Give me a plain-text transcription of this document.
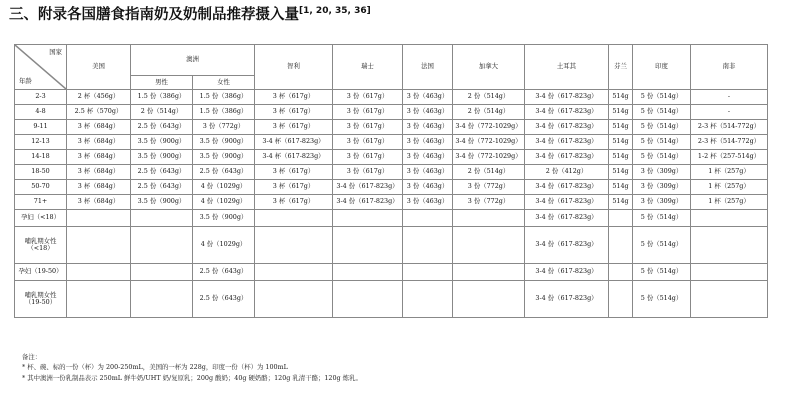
三、附录各国膳食指南奶及奶制品推荐摄入量[1, 20, 35, 36]
国家
年龄	美国	澳洲		智利	瑞士	法国	加拿大	土耳其	芬兰	印度	南非
		男性	女性								
2-3	2 杯（456g）	1.5 份（386g）	1.5 份（386g）	3 杯（617g）	3 份（617g）	3 份（463g）	2 份（514g）	3-4 份（617-823g）	514g	5 份（514g）	-
4-8	2.5 杯（570g）	2 份（514g）	1.5 份（386g）	3 杯（617g）	3 份（617g）	3 份（463g）	2 份（514g）	3-4 份（617-823g）	514g	5 份（514g）	-
9-11	3 杯（684g）	2.5 份（643g）	3 份（772g）	3 杯（617g）	3 份（617g）	3 份（463g）	3-4 份（772-1029g）	3-4 份（617-823g）	514g	5 份（514g）	2-3 杯（514-772g）
12-13	3 杯（684g）	3.5 份（900g）	3.5 份（900g）	3-4 杯（617-823g）	3 份（617g）	3 份（463g）	3-4 份（772-1029g）	3-4 份（617-823g）	514g	5 份（514g）	2-3 杯（514-772g）
14-18	3 杯（684g）	3.5 份（900g）	3.5 份（900g）	3-4 杯（617-823g）	3 份（617g）	3 份（463g）	3-4 份（772-1029g）	3-4 份（617-823g）	514g	5 份（514g）	1-2 杯（257-514g）
18-50	3 杯（684g）	2.5 份（643g）	2.5 份（643g）	3 杯（617g）	3 份（617g）	3 份（463g）	2 份（514g）	2 份（412g）	514g	3 份（309g）	1 杯（257g）
50-70	3 杯（684g）	2.5 份（643g）	4 份（1029g）	3 杯（617g）	3-4 份（617-823g）	3 份（463g）	3 份（772g）	3-4 份（617-823g）	514g	3 份（309g）	1 杯（257g）
71+	3 杯（684g）	3.5 份（900g）	4 份（1029g）	3 杯（617g）	3-4 份（617-823g）	3 份（463g）	3 份（772g）	3-4 份（617-823g）	514g	3 份（309g）	1 杯（257g）
孕妇（<18）			3.5 份（900g）					3-4 份（617-823g）		5 份（514g）	

哺乳期女性
（<18）			4 份（1029g）					3-4 份（617-823g）		5 份（514g）	
孕妇（19-50）			2.5 份（643g）					3-4 份（617-823g）		5 份（514g）	

哺乳期女性
（19-50）			2.5 份（643g）					3-4 份（617-823g）		5 份（514g）	
备注：
* 杯、碗、标的一份（杯）为 200-250mL，美国的一杯为 228g，印度一份（杯）为 100mL
* 其中澳洲一份乳制品表示 250mL 鲜牛奶/UHT 奶/复原乳；200g 酸奶；40g 硬奶酪；120g 乳清干酪；120g 炼乳。
